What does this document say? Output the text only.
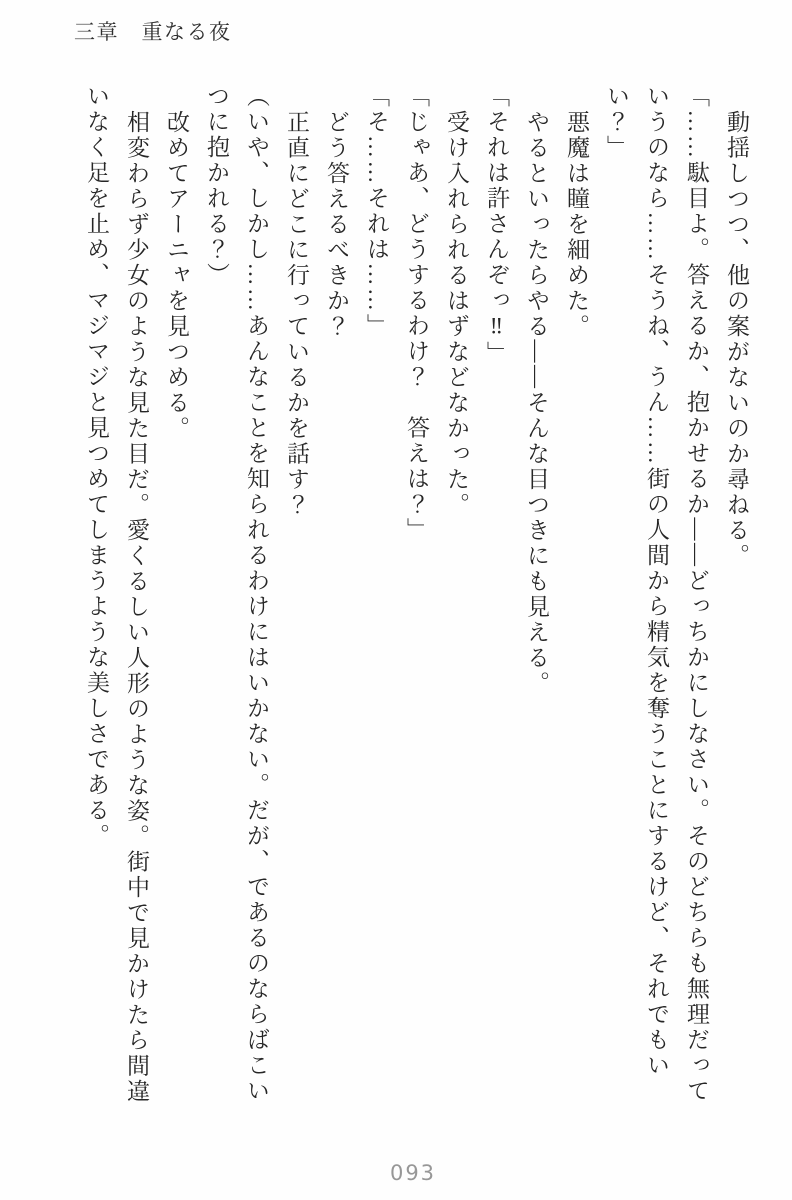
三章　重なる夜

動揺しつつ、他の案がないのか尋ねる。

「……駄目よ。答えるか、抱かせるか――どっちかにしなさい。そのどちらも無理だっていうのなら……そうね、うん……街の人間から精気を奪うことにするけど、それでもいい？」

悪魔は瞳を細めた。

やるといったらやる――そんな目つきにも見える。

「それは許さんぞっ‼」

受け入れられるはずなどなかった。

「じゃあ、どうするわけ？　答えは？」

「そ……それは……」

どう答えるべきか？

正直にどこに行っているかを話す？

（いや、しかし……あんなことを知られるわけにはいかない。だが、であるのならばこいつに抱かれる？）

改めてアーニャを見つめる。

相変わらず少女のような見た目だ。愛くるしい人形のような姿。街中で見かけたら間違いなく足を止め、マジマジと見つめてしまうような美しさである。

093
